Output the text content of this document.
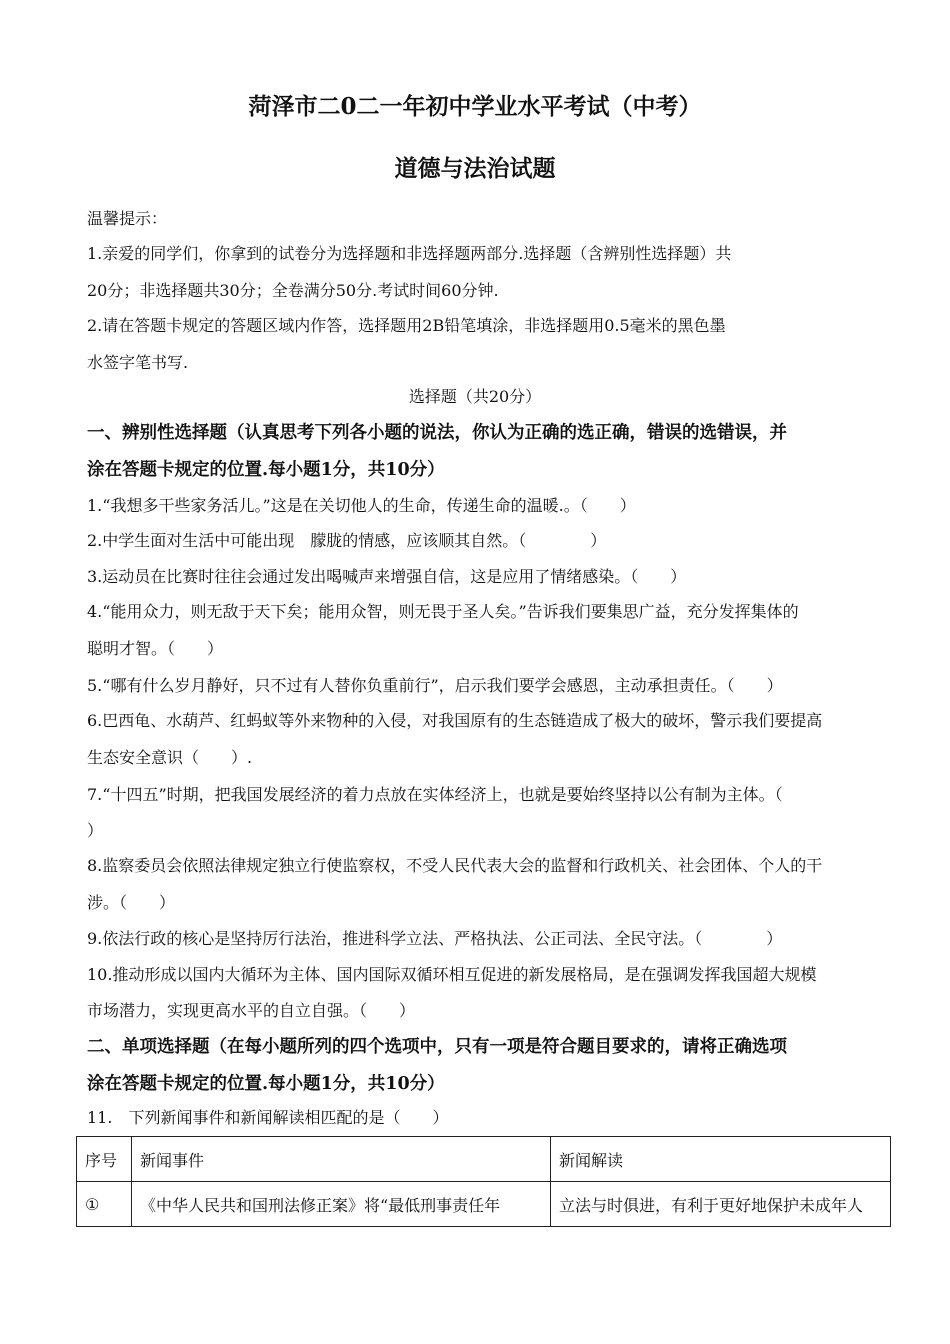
菏泽市二0二一年初中学业水平考试（中考）
道德与法治试题
温馨提示：
1.亲爱的同学们，你拿到的试卷分为选择题和非选择题两部分.选择题（含辨别性选择题）共
20分；非选择题共30分；全卷满分50分.考试时间60分钟.
2.请在答题卡规定的答题区域内作答，选择题用2B铅笔填涂，非选择题用0.5毫米的黑色墨
水签字笔书写.
选择题（共20分）
一、辨别性选择题（认真思考下列各小题的说法，你认为正确的选正确，错误的选错误，并
涂在答题卡规定的位置.每小题1分，共10分）
1.“我想多干些家务活儿。”这是在关切他人的生命，传递生命的温暖.。（　　）
2.中学生面对生活中可能出现　朦胧的情感，应该顺其自然。（　　　　）
3.运动员在比赛时往往会通过发出喝喊声来增强自信，这是应用了情绪感染。（　　）
4.“能用众力，则无敌于天下矣；能用众智，则无畏于圣人矣。”告诉我们要集思广益，充分发挥集体的
聪明才智。（　　）
5.“哪有什么岁月静好，只不过有人替你负重前行”，启示我们要学会感恩，主动承担责任。（　　）
6.巴西龟、水葫芦、红蚂蚁等外来物种的入侵，对我国原有的生态链造成了极大的破坏，警示我们要提高
生态安全意识（　　）.
7.“十四五”时期，把我国发展经济的着力点放在实体经济上，也就是要始终坚持以公有制为主体。（
）
8.监察委员会依照法律规定独立行使监察权，不受人民代表大会的监督和行政机关、社会团体、个人的干
涉。（　　）
9.依法行政的核心是坚持厉行法治，推进科学立法、严格执法、公正司法、全民守法。（　　　　）
10.推动形成以国内大循环为主体、国内国际双循环相互促进的新发展格局，是在强调发挥我国超大规模
市场潜力，实现更高水平的自立自强。（　　）
二、单项选择题（在每小题所列的四个选项中，只有一项是符合题目要求的，请将正确选项
涂在答题卡规定的位置.每小题1分，共10分）
11.　下列新闻事件和新闻解读相匹配的是（　　）
序号	新闻事件	新闻解读
①	《中华人民共和国刑法修正案》将“最低刑事责任年	立法与时俱进，有利于更好地保护未成年人
